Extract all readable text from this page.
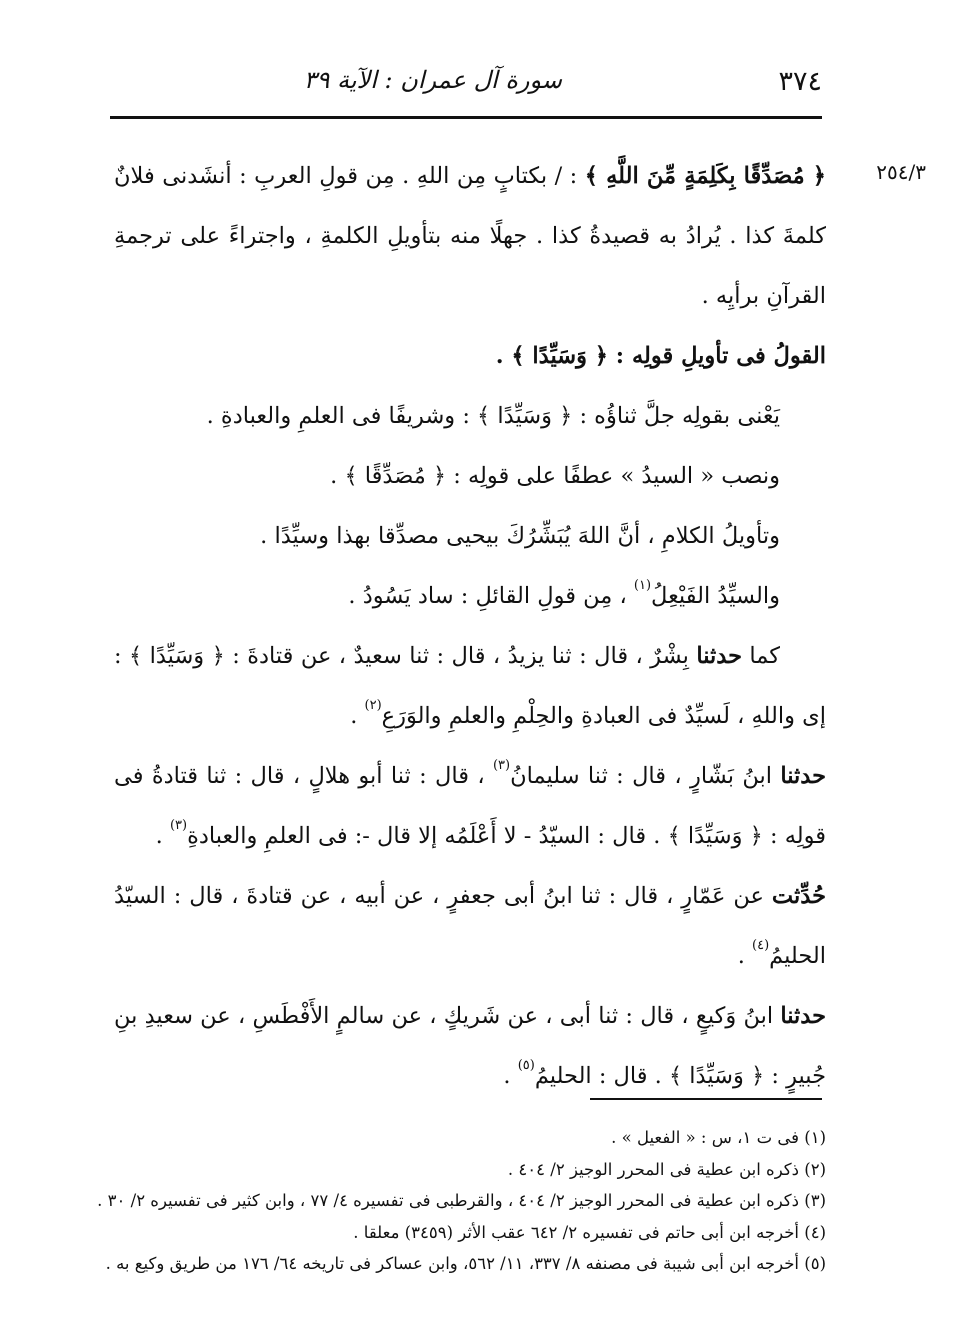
٣٧٤
سورة آل عمران : الآية ٣٩
٢٥٤/٣

﴿ مُصَدِّقًا بِكَلِمَةٍ مِّنَ اللَّهِ ﴾ : / بكتابٍ مِن اللهِ . مِن قولِ العربِ : أنشَدنى فلانٌ كلمةَ كذا . يُرادُ به قصيدةُ كذا . جهلًا منه بتأويلِ الكلمةِ ، واجتراءً على ترجمةِ القرآنِ برأيِه .

القولُ فى تأويلِ قولِه : ﴿ وَسَيِّدًا ﴾ .

يَعْنى بقولِه جلَّ ثناؤُه : ﴿ وَسَيِّدًا ﴾ : وشريفًا فى العلمِ والعبادةِ .

ونصب « السيدُ » عطفًا على قولِه : ﴿ مُصَدِّقًا ﴾ .

وتأويلُ الكلامِ ، أنَّ اللهَ يُبَشِّرُكَ بيحيى مصدِّقا بهذا وسيِّدًا .

والسيِّدُ الفَيْعِلُ$^{(١)}$ ، مِن قولِ القائلِ : ساد يَسُودُ .

كما حدثنا بِشْرٌ ، قال : ثنا يزيدُ ، قال : ثنا سعيدٌ ، عن قتادةَ : ﴿ وَسَيِّدًا ﴾ : إى واللهِ ، لَسيِّدٌ فى العبادةِ والحِلْمِ والعلمِ والوَرَعِ$^{(٢)}$ .

حدثنا ابنُ بَشّارٍ ، قال : ثنا سليمانُ$^{(٣)}$ ، قال : ثنا أبو هلالٍ ، قال : ثنا قتادةُ فى قولِه : ﴿ وَسَيِّدًا ﴾ . قال : السيّدُ - لا أَعْلَمُه إلا قال -: فى العلمِ والعبادةِ$^{(٣)}$ .

حُدِّثت عن عَمّارٍ ، قال : ثنا ابنُ أبى جعفرٍ ، عن أبيه ، عن قتادةَ ، قال : السيّدُ الحليمُ$^{(٤)}$ .

حدثنا ابنُ وَكيعٍ ، قال : ثنا أبى ، عن شَريكٍ ، عن سالمٍ الأَفْطَسِ ، عن سعيدِ بنِ جُبيرٍ : ﴿ وَسَيِّدًا ﴾ . قال : الحليمُ$^{(٥)}$ .

(١) فى ت ١، س : « الفعيل » .
(٢) ذكره ابن عطية فى المحرر الوجيز ٢/ ٤٠٤ .
(٣) ذكره ابن عطية فى المحرر الوجيز ٢/ ٤٠٤ ، والقرطبى فى تفسيره ٤/ ٧٧ ، وابن كثير فى تفسيره ٢/ ٣٠ .
(٤) أخرجه ابن أبى حاتم فى تفسيره ٢/ ٦٤٢ عقب الأثر (٣٤٥٩) معلقا .
(٥) أخرجه ابن أبى شيبة فى مصنفه ٨/ ٣٣٧، ١١/ ٥٦٢، وابن عساكر فى تاريخه ٦٤/ ١٧٦ من طريق وكيع به .
